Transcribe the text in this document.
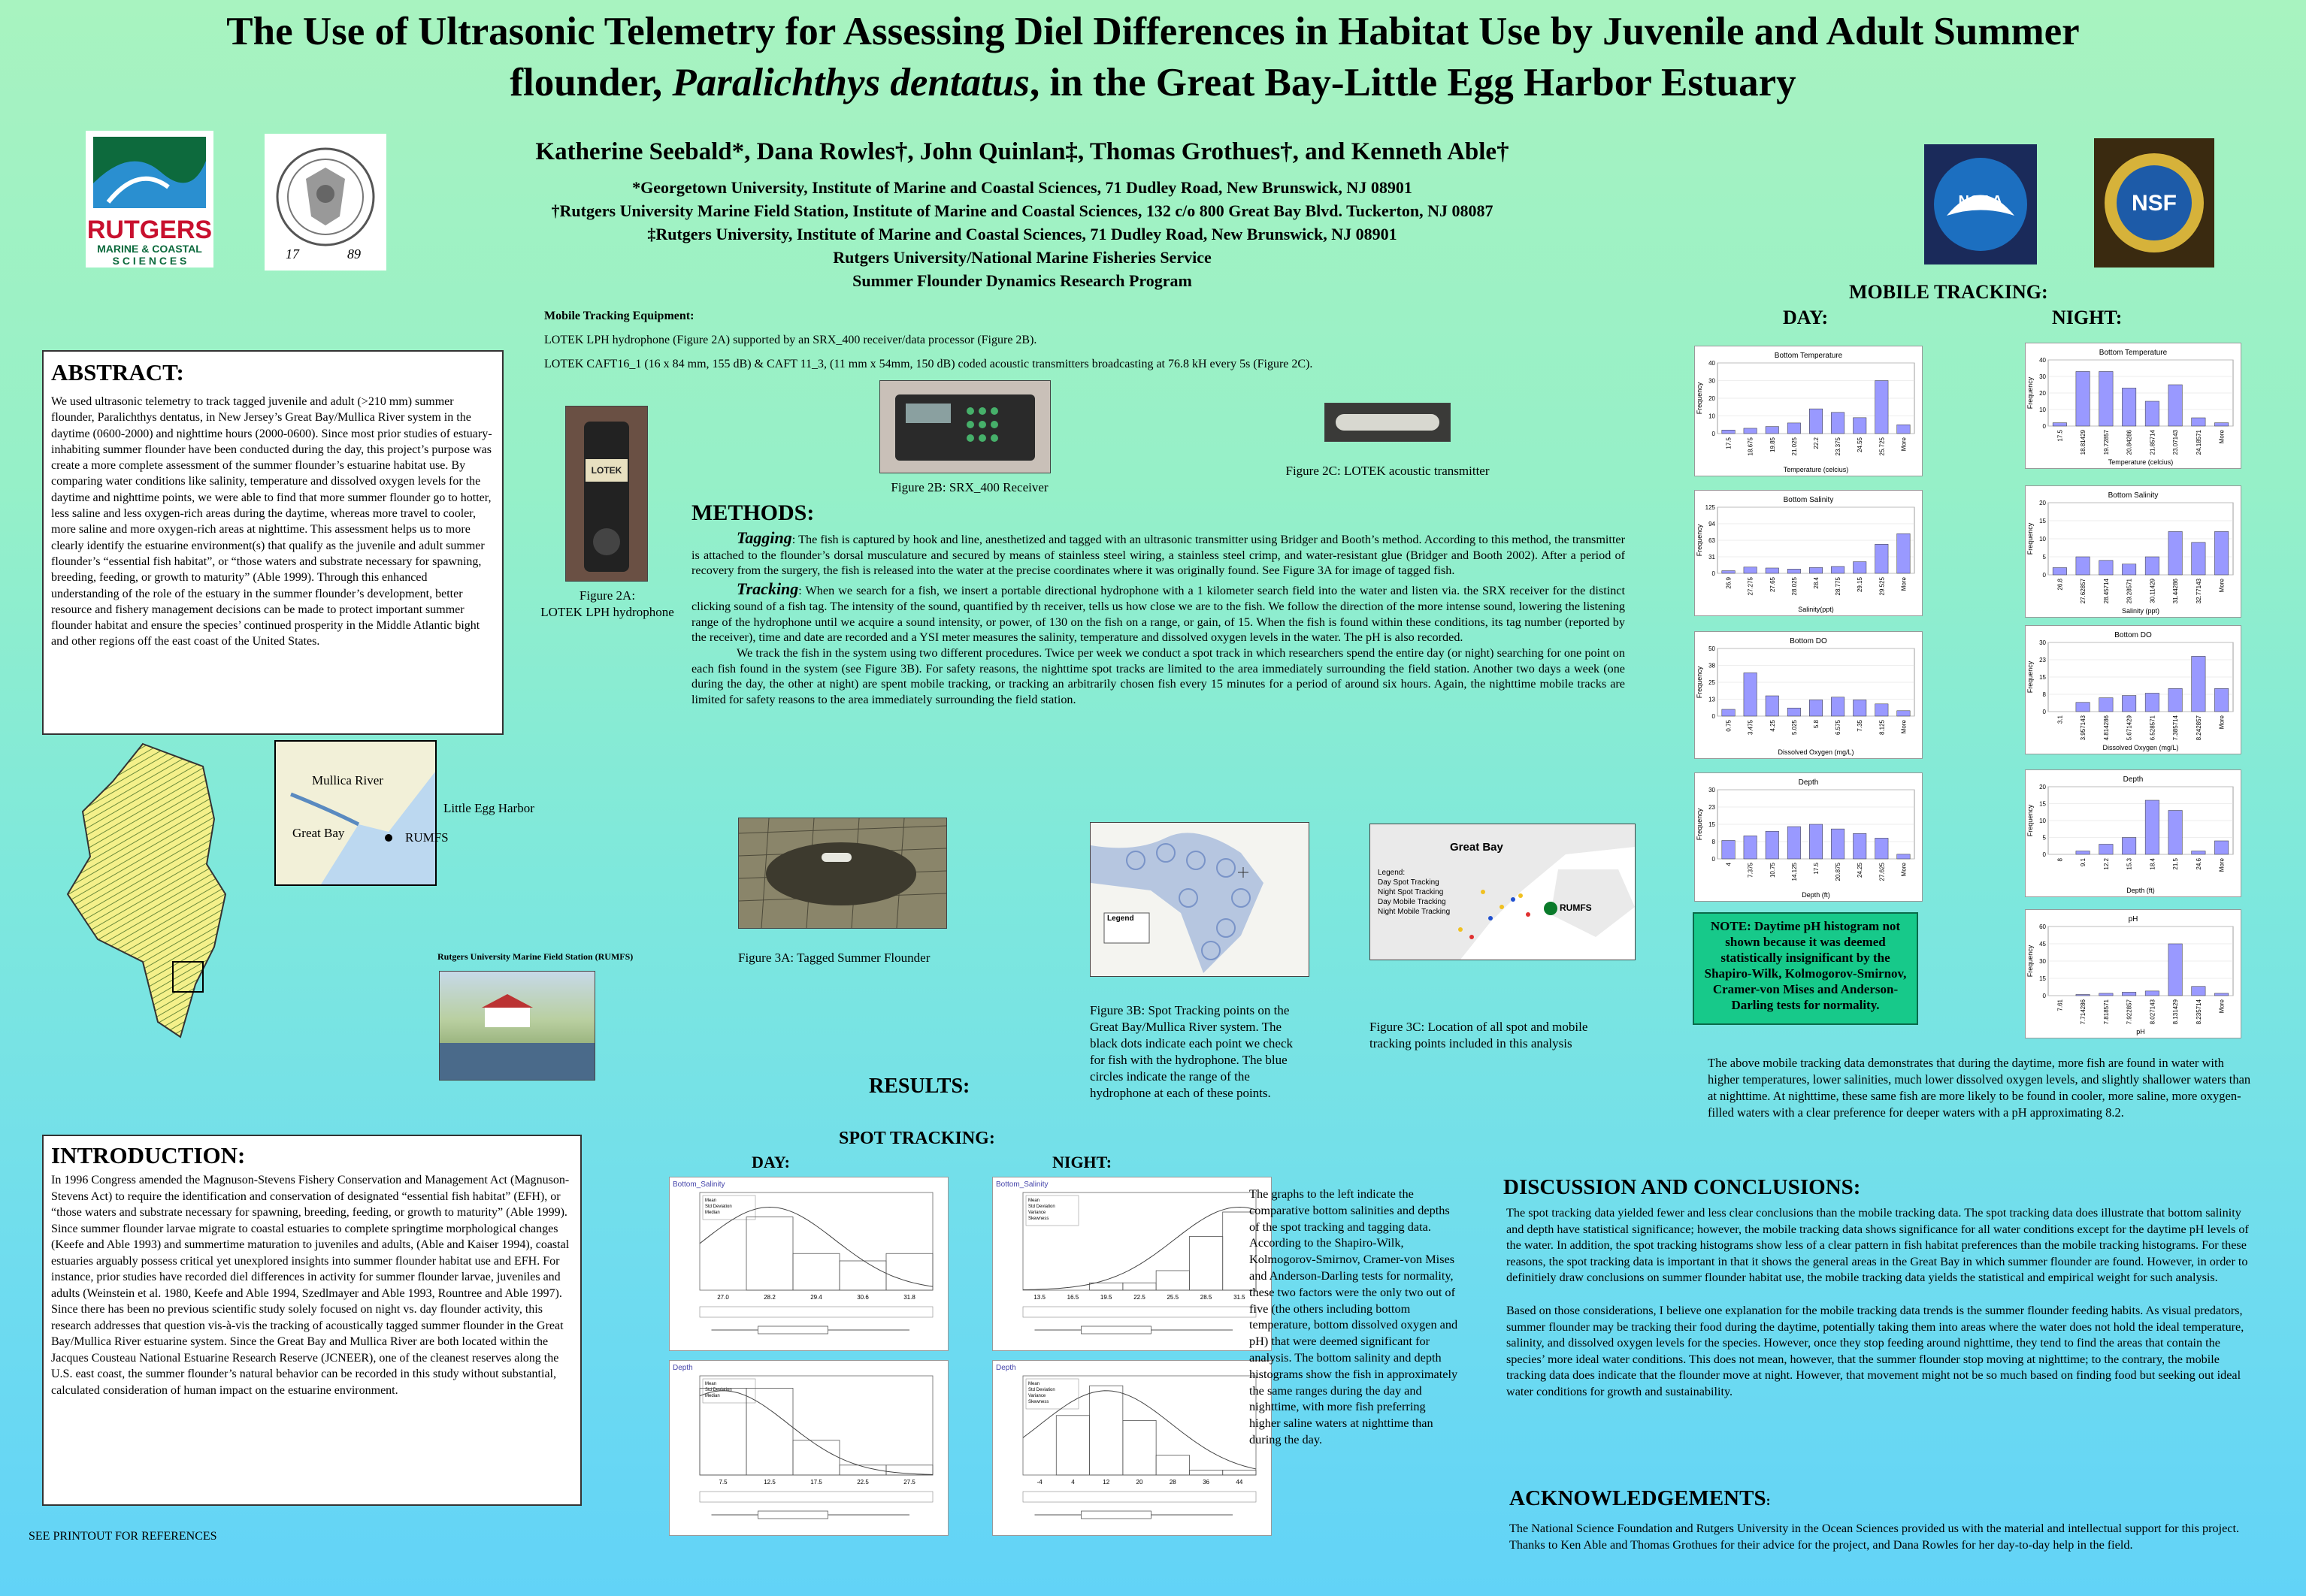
The Use of Ultrasonic Telemetry for Assessing Diel Differences in Habitat Use by Juvenile and Adult Summer
flounder, Paralichthys dentatus, in the Great Bay-Little Egg Harbor Estuary
Katherine Seebald*, Dana Rowles†, John Quinlan‡, Thomas Grothues†, and Kenneth Able†
*Georgetown University, Institute of Marine and Coastal Sciences, 71 Dudley Road, New Brunswick, NJ 08901
†Rutgers University Marine Field Station, Institute of Marine and Coastal Sciences, 132 c/o 800 Great Bay Blvd. Tuckerton, NJ 08087
‡Rutgers University, Institute of Marine and Coastal Sciences, 71 Dudley Road, New Brunswick, NJ 08901
Rutgers University/National Marine Fisheries Service
Summer Flounder Dynamics Research Program
RUTGERS
MARINE & COASTAL
S C I E N C E S	17	89
NOAA	NSF
ABSTRACT:
We used ultrasonic telemetry to track tagged juvenile and adult (>210 mm) summer flounder, Paralichthys dentatus, in New Jersey’s Great Bay/Mullica River system in the daytime (0600-2000) and nighttime hours (2000-0600). Since most prior studies of estuary-inhabiting summer flounder have been conducted during the day, this project’s purpose was create a more complete assessment of the summer flounder’s estuarine habitat use. By comparing water conditions like salinity, temperature and dissolved oxygen levels for the daytime and nighttime points, we were able to find that more summer flounder go to hotter, less saline and less oxygen-rich areas during the daytime, whereas more travel to cooler, more saline and more oxygen-rich areas at nighttime. This assessment helps us to more clearly identify the estuarine environment(s) that qualify as the juvenile and adult summer flounder’s “essential fish habitat”, or “those waters and substrate necessary for spawning, breeding, feeding, or growth to maturity” (Able 1999). Through this enhanced understanding of the role of the estuary in the summer flounder’s development, better resource and fishery management decisions can be made to protect important summer flounder habitat and ensure the species’ continued prosperity in the Middle Atlantic bight and other regions off the east coast of the United States.
Mullica River
Great Bay	RUMFS
Little Egg Harbor
Rutgers University Marine Field Station (RUMFS)
INTRODUCTION:
In 1996 Congress amended the Magnuson-Stevens Fishery Conservation and Management Act (Magnuson-Stevens Act) to require the identification and conservation of designated “essential fish habitat” (EFH), or “those waters and substrate necessary for spawning, breeding, feeding, or growth to maturity” (Able 1999). Since summer flounder larvae migrate to coastal estuaries to complete springtime morphological changes (Keefe and Able 1993) and summertime maturation to juveniles and adults, (Able and Kaiser 1994), coastal estuaries arguably possess critical yet unexplored insights into summer flounder habitat use and EFH. For instance, prior studies have recorded diel differences in activity for summer flounder larvae, juveniles and adults (Weinstein et al. 1980, Keefe and Able 1994, Szedlmayer and Able 1993, Rountree and Able 1997). Since there has been no previous scientific study solely focused on night vs. day flounder activity, this research addresses that question vis-à-vis the tracking of acoustically tagged summer flounder in the Great Bay/Mullica River estuarine system. Since the Great Bay and Mullica River are both located within the Jacques Cousteau National Estuarine Research Reserve (JCNEER), one of the cleanest reserves along the U.S. east coast, the summer flounder’s natural behavior can be recorded in this study without substantial, calculated consideration of human impact on the estuarine environment.
SEE PRINTOUT FOR REFERENCES
Mobile Tracking Equipment:
LOTEK LPH hydrophone (Figure 2A) supported by an SRX_400 receiver/data processor (Figure 2B).
LOTEK CAFT16_1 (16 x 84 mm, 155 dB) & CAFT 11_3, (11 mm x 54mm, 150 dB) coded acoustic transmitters broadcasting at 76.8 kH every 5s (Figure 2C).
LOTEK
Figure 2A:
LOTEK LPH hydrophone
Figure 2B: SRX_400 Receiver
Figure 2C: LOTEK acoustic transmitter
METHODS:
Tagging: The fish is captured by hook and line, anesthetized and tagged with an ultrasonic transmitter using Bridger and Booth’s method. According to this method, the transmitter is attached to the flounder’s dorsal musculature and secured by means of stainless steel wiring, a stainless steel crimp, and water-resistant glue (Bridger and Booth 2002). After a period of recovery from the surgery, the fish is released into the water at the precise coordinates where it was originally found. See Figure 3A for image of tagged fish.
Tracking: When we search for a fish, we insert a portable directional hydrophone with a 1 kilometer search field into the water and listen via. the SRX receiver for the distinct clicking sound of a fish tag. The intensity of the sound, quantified by th receiver, tells us how close we are to the fish. We follow the direction of the more intense sound, lowering the listening range of the hydrophone until we acquire a sound intensity, or power, of 130 on the fish on a range, or gain, of 15. When the fish is found within these conditions, its tag number (reported by the receiver), time and date are recorded and a YSI meter measures the salinity, temperature and dissolved oxygen levels in the water. The pH is also recorded.
We track the fish in the system using two different procedures. Twice per week we conduct a spot track in which researchers spend the entire day (or night) searching for one point on each fish found in the system (see Figure 3B). For safety reasons, the nighttime spot tracks are limited to the area immediately surrounding the field station. Another two days a week (one during the day, the other at night) are spent mobile tracking, or tracking an arbitrarily chosen fish every 15 minutes for a period of around six hours. Again, the nighttime mobile tracks are limited for safety reasons to the area immediately surrounding the field station.
Figure 3A: Tagged Summer Flounder
Legend
Figure 3B: Spot Tracking points on the Great Bay/Mullica River system. The black dots indicate each point we check for fish with the hydrophone. The blue circles indicate the range of the hydrophone at each of these points.
Great Bay
Legend:
Day Spot Tracking
Night Spot Tracking
Day Mobile Tracking
Night Mobile Tracking	RUMFS
Figure 3C: Location of all spot and mobile tracking points included in this analysis
RESULTS:
SPOT TRACKING:
DAY:	NIGHT:
Bottom_Salinity
Mean
Std Deviation
Median
27.0	28.2	29.4	30.6	31.8
Bottom_Salinity
Mean
Std Deviation
Variance
Skewness
13.5	16.5	19.5	22.5	25.5	28.5	31.5
Depth
Mean
Std Deviation
Median
7.5	12.5	17.5	22.5	27.5
Depth
Mean
Std Deviation
Variance
Skewness
-4	4	12	20	28	36	44
The graphs to the left indicate the comparative bottom salinities and depths of the spot tracking and tagging data. According to the Shapiro-Wilk, Kolmogorov-Smirnov, Cramer-von Mises and Anderson-Darling tests for normality, these two factors were the only two out of five (the others including bottom temperature, bottom dissolved oxygen and pH) that were deemed significant for analysis. The bottom salinity and depth histograms show the fish in approximately the same ranges during the day and nighttime, with more fish preferring higher saline waters at nighttime than during the day.
MOBILE TRACKING:
DAY:	NIGHT:
NOTE: Daytime pH histogram not shown because it was deemed statistically insignificant by the Shapiro-Wilk, Kolmogorov-Smirnov, Cramer-von Mises and Anderson-Darling tests for normality.
The above mobile tracking data demonstrates that during the daytime, more fish are found in water with higher temperatures, lower salinities, much lower dissolved oxygen levels, and slightly shallower waters than at nighttime. At nighttime, these same fish are more likely to be found in cooler, more saline, more oxygen-filled waters with a clear preference for deeper waters with a pH approximating 8.2.
DISCUSSION AND CONCLUSIONS:

The spot tracking data yielded fewer and less clear conclusions than the mobile tracking data. The spot tracking data does illustrate that bottom salinity and depth have statistical significance; however, the mobile tracking data shows significance for all water conditions except for the daytime pH levels of the water. In addition, the spot tracking histograms show less of a clear pattern in fish habitat preferences than the mobile tracking histograms. For these reasons, the spot tracking data is important in that it shows the general areas in the Great Bay in which summer flounder are found. However, in order to definitiely draw conclusions on summer flounder habitat use, the mobile tracking data yields the statistical and empirical weight for such analysis.

Based on those considerations, I believe one explanation for the mobile tracking data trends is the summer flounder feeding habits. As visual predators, summer flounder may be tracking their food during the daytime, potentially taking them into areas where the water does not hold the ideal temperature, salinity, and dissolved oxygen levels for the species. However, once they stop feeding around nighttime, they tend to find the areas that contain the species’ more ideal water conditions. This does not mean, however, that the summer flounder stop moving at nighttime; to the contrary, the mobile tracking data does indicate that the flounder move at night. However, that movement might not be so much based on finding food but seeking out ideal water conditions for growth and sustainability.

ACKNOWLEDGEMENTS:
The National Science Foundation and Rutgers University in the Ocean Sciences provided us with the material and intellectual support for this project. Thanks to Ken Able and Thomas Grothues for their advice for the project, and Dana Rowles for her day-to-day help in the field.
Bottom Temperature
Frequency
Temperature (celcius)
0
10
20
30
40
17.5	18.675	19.85	21.025	22.2	23.375	24.55	25.725	More
Bottom Salinity
Frequency
Salinity(ppt)
0
31
63
94
125
26.9	27.275	27.65	28.025	28.4	28.775	29.15	29.525	More
Bottom DO
Frequency
Dissolved Oxygen (mg/L)
0
13
25
38
50
0.75	3.475	4.25	5.025	5.8	6.575	7.35	8.125	More
Depth
Frequency
Depth (ft)
0
8
15
23
30
4	7.375	10.75	14.125	17.5	20.875	24.25	27.625	More
Bottom Temperature
Frequency
Temperature (celcius)
0
10
20
30
40
17.5	18.81429	19.72857	20.84286	21.85714	23.07143	24.18571	More
Bottom Salinity
Frequency
Salinity (ppt)
0
5
10
15
20
26.8	27.62857	28.45714	29.28571	30.11429	31.44286	32.77143	More
Bottom DO
Frequency
Dissolved Oxygen (mg/L)
0
8
15
23
30
3.1	3.957143	4.814286	5.671429	6.528571	7.385714	8.242857	More
Depth
Frequency
Depth (ft)
0
5
10
15
20
8	9.1	12.2	15.3	18.4	21.5	24.6	More
pH
Frequency
pH
0
15
30
45
60
7.61	7.714286	7.818571	7.922857	8.027143	8.131429	8.235714	More
